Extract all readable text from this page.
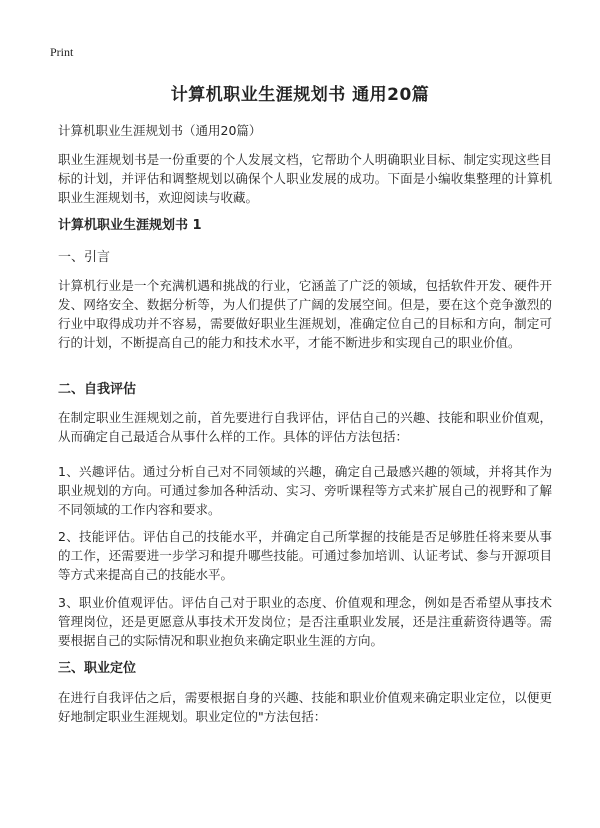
Print
计算机职业生涯规划书 通用20篇

计算机职业生涯规划书（通用20篇）

职业生涯规划书是一份重要的个人发展文档，它帮助个人明确职业目标、制定实现这些目标的计划，并评估和调整规划以确保个人职业发展的成功。下面是小编收集整理的计算机职业生涯规划书，欢迎阅读与收藏。

计算机职业生涯规划书 1

一、引言

计算机行业是一个充满机遇和挑战的行业，它涵盖了广泛的领域，包括软件开发、硬件开发、网络安全、数据分析等，为人们提供了广阔的发展空间。但是，要在这个竞争激烈的行业中取得成功并不容易，需要做好职业生涯规划，准确定位自己的目标和方向，制定可行的计划，不断提高自己的能力和技术水平，才能不断进步和实现自己的职业价值。

二、自我评估

在制定职业生涯规划之前，首先要进行自我评估，评估自己的兴趣、技能和职业价值观，从而确定自己最适合从事什么样的工作。具体的评估方法包括：

1、兴趣评估。通过分析自己对不同领域的兴趣，确定自己最感兴趣的领域，并将其作为职业规划的方向。可通过参加各种活动、实习、旁听课程等方式来扩展自己的视野和了解不同领域的工作内容和要求。

2、技能评估。评估自己的技能水平，并确定自己所掌握的技能是否足够胜任将来要从事的工作，还需要进一步学习和提升哪些技能。可通过参加培训、认证考试、参与开源项目等方式来提高自己的技能水平。

3、职业价值观评估。评估自己对于职业的态度、价值观和理念，例如是否希望从事技术管理岗位，还是更愿意从事技术开发岗位；是否注重职业发展，还是注重薪资待遇等。需要根据自己的实际情况和职业抱负来确定职业生涯的方向。

三、职业定位

在进行自我评估之后，需要根据自身的兴趣、技能和职业价值观来确定职业定位，以便更好地制定职业生涯规划。职业定位的"方法包括：
